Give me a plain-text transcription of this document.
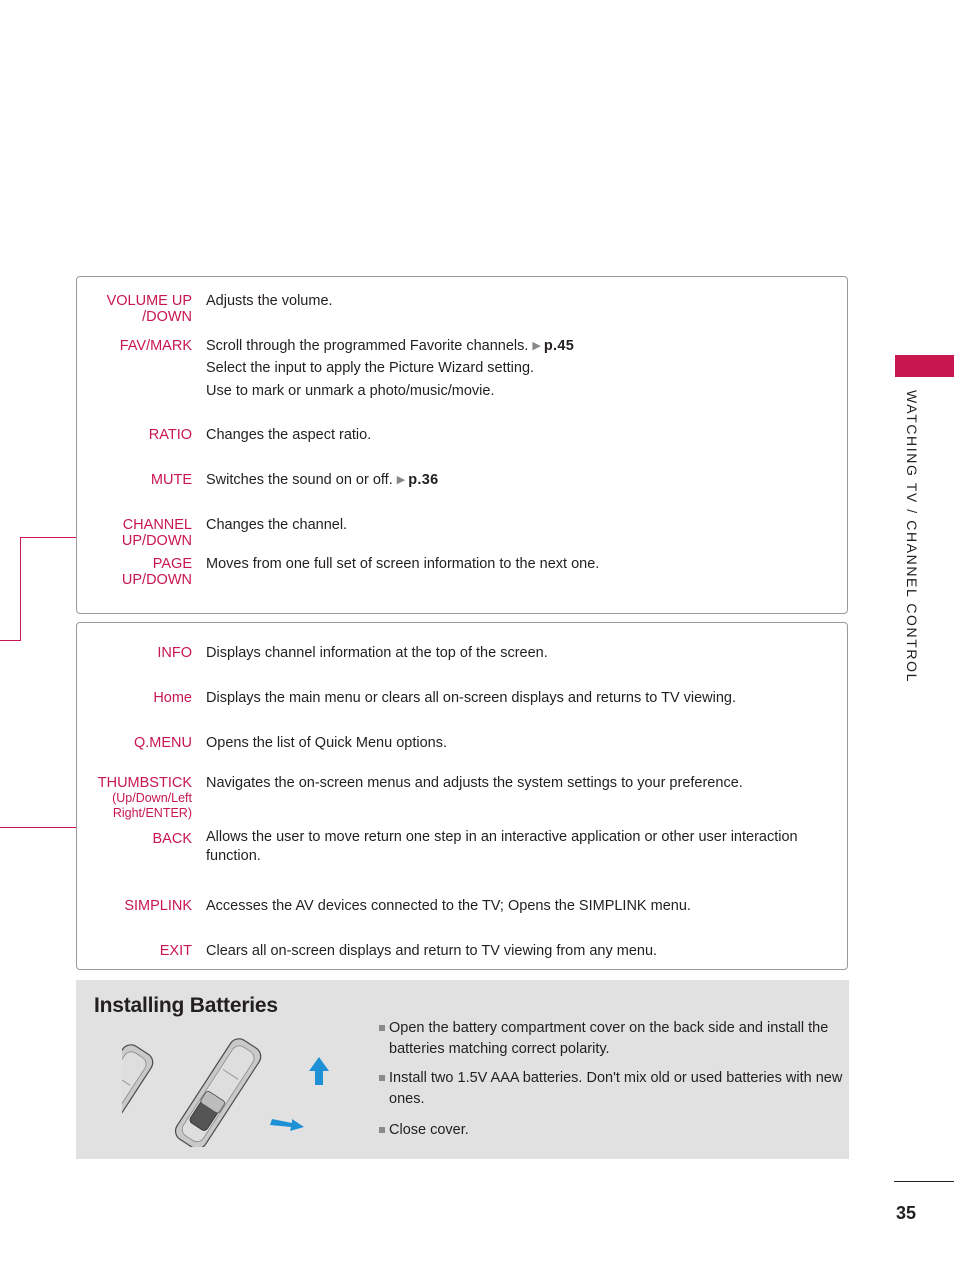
VOLUME UP /DOWN
Adjusts the volume.
FAV/MARK Scroll through the programmed Favorite channels. ▶ p.45
Select the input to apply the Picture Wizard setting.
Use to mark or unmark a photo/music/movie.
RATIO Changes the aspect ratio.
MUTE Switches the sound on or off. ▶ p.36
CHANNEL UP/DOWN
Changes the channel.
PAGE UP/DOWN
Moves from one full set of screen information to the next one.
INFO Displays channel information at the top of the screen.
Home Displays the main menu or clears all on-screen displays and returns to TV viewing.
Q.MENU Opens the list of Quick Menu options.
THUMBSTICK
(Up/Down/Left Right/ENTER)
Navigates the on-screen menus and adjusts the system settings to your preference.
BACK Allows the user to move return one step in an interactive application or other user interaction function.
SIMPLINK Accesses the AV devices connected to the TV; Opens the SIMPLINK menu.
EXIT Clears all on-screen displays and return to TV viewing from any menu.
Installing Batteries
Open the battery compartment cover on the back side and install the batteries matching correct polarity.
Install two 1.5V AAA batteries. Don't mix old or used batteries with new ones.
Close cover.
WATCHING TV / CHANNEL CONTROL
35
